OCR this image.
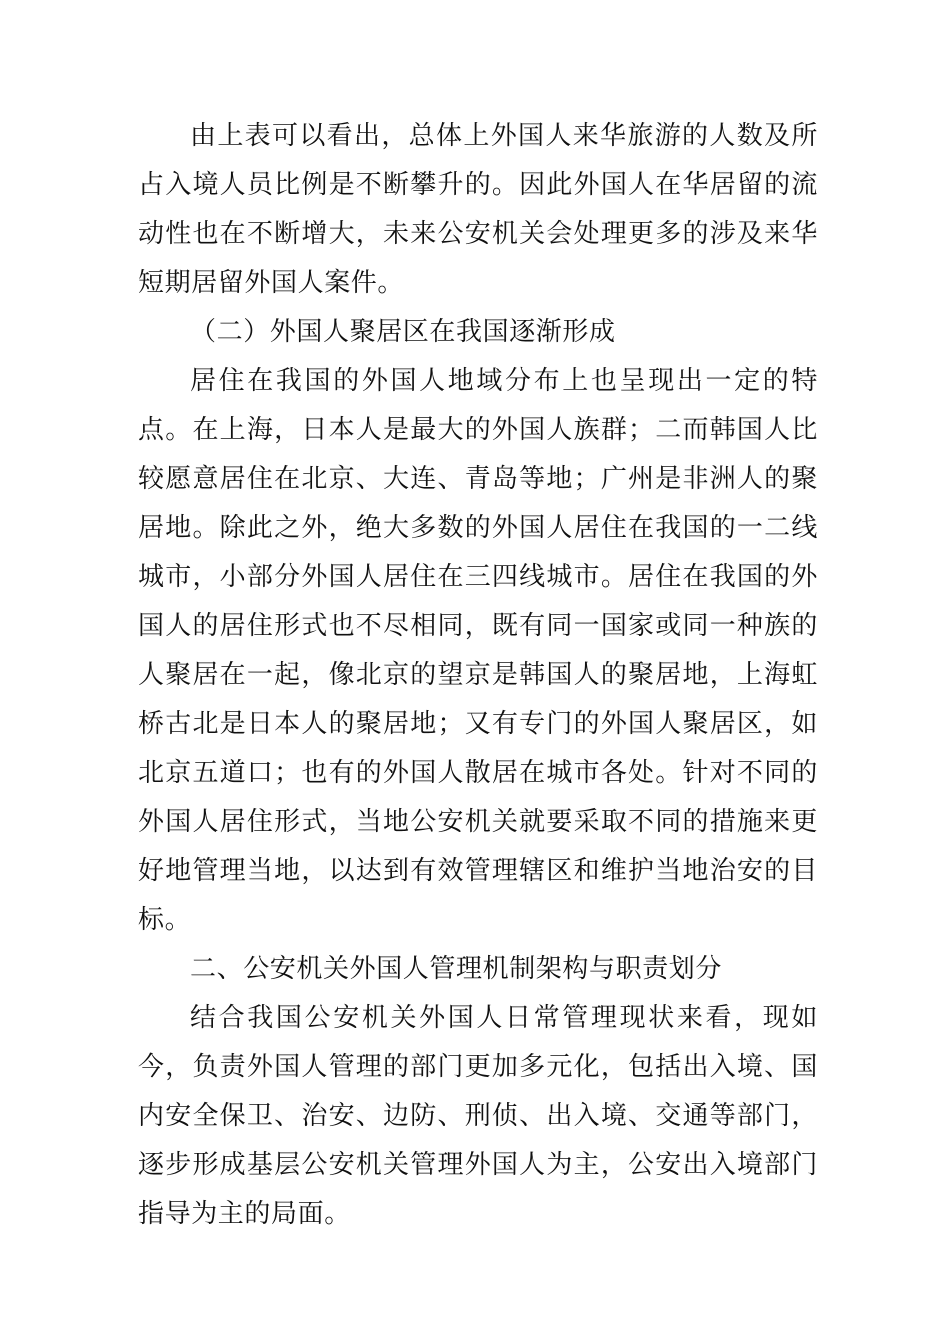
由上表可以看出，总体上外国人来华旅游的人数及所占入境人员比例是不断攀升的。因此外国人在华居留的流动性也在不断增大，未来公安机关会处理更多的涉及来华短期居留外国人案件。

（二）外国人聚居区在我国逐渐形成

居住在我国的外国人地域分布上也呈现出一定的特点。在上海，日本人是最大的外国人族群；二而韩国人比较愿意居住在北京、大连、青岛等地；广州是非洲人的聚居地。除此之外，绝大多数的外国人居住在我国的一二线城市，小部分外国人居住在三四线城市。居住在我国的外国人的居住形式也不尽相同，既有同一国家或同一种族的人聚居在一起，像北京的望京是韩国人的聚居地，上海虹桥古北是日本人的聚居地；又有专门的外国人聚居区，如北京五道口；也有的外国人散居在城市各处。针对不同的外国人居住形式，当地公安机关就要采取不同的措施来更好地管理当地，以达到有效管理辖区和维护当地治安的目标。

二、公安机关外国人管理机制架构与职责划分

结合我国公安机关外国人日常管理现状来看，现如今，负责外国人管理的部门更加多元化，包括出入境、国内安全保卫、治安、边防、刑侦、出入境、交通等部门，逐步形成基层公安机关管理外国人为主，公安出入境部门指导为主的局面。
